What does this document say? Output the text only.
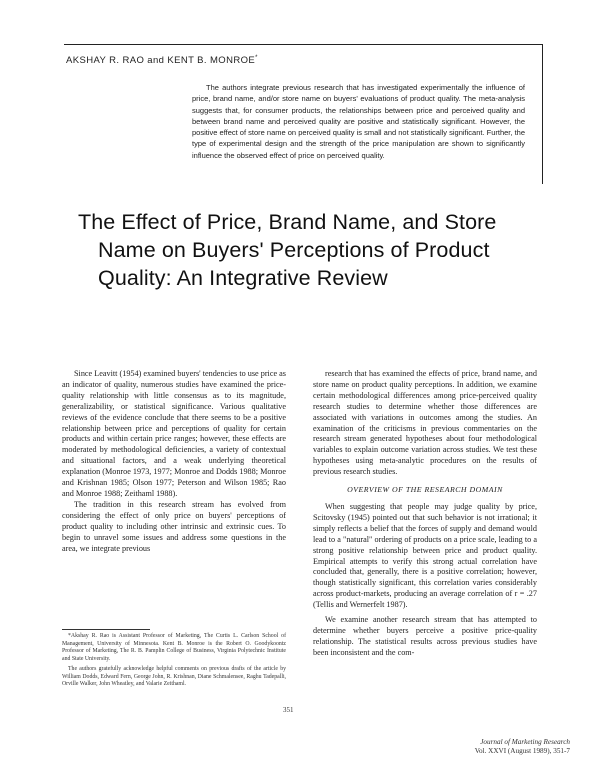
AKSHAY R. RAO and KENT B. MONROE*
The authors integrate previous research that has investigated experimentally the influence of price, brand name, and/or store name on buyers' evaluations of product quality. The meta-analysis suggests that, for consumer products, the relationships between price and perceived quality and between brand name and perceived quality are positive and statistically significant. However, the positive effect of store name on perceived quality is small and not statistically significant. Further, the type of experimental design and the strength of the price manipulation are shown to significantly influence the observed effect of price on perceived quality.
The Effect of Price, Brand Name, and Store
Name on Buyers' Perceptions of Product
Quality: An Integrative Review

Since Leavitt (1954) examined buyers' tendencies to use price as an indicator of quality, numerous studies have examined the price-quality relationship with little consensus as to its magnitude, generalizability, or statistical significance. Various qualitative reviews of the evidence conclude that there seems to be a positive relationship between price and perceptions of quality for certain products and within certain price ranges; however, these effects are moderated by methodological deficiencies, a variety of contextual and situational factors, and a weak underlying theoretical explanation (Monroe 1973, 1977; Monroe and Dodds 1988; Monroe and Krishnan 1985; Olson 1977; Peterson and Wilson 1985; Rao and Monroe 1988; Zeithaml 1988).

The tradition in this research stream has evolved from considering the effect of only price on buyers' perceptions of product quality to including other intrinsic and extrinsic cues. To begin to unravel some issues and address some questions in the area, we integrate previous

research that has examined the effects of price, brand name, and store name on product quality perceptions. In addition, we examine certain methodological differences among price-perceived quality research studies to determine whether those differences are associated with variations in outcomes among the studies. An examination of the criticisms in previous commentaries on the research stream generated hypotheses about four methodological variables to explain outcome variation across studies. We test these hypotheses using meta-analytic procedures on the results of previous research studies.

OVERVIEW OF THE RESEARCH DOMAIN

When suggesting that people may judge quality by price, Scitovsky (1945) pointed out that such behavior is not irrational; it simply reflects a belief that the forces of supply and demand would lead to a "natural" ordering of products on a price scale, leading to a strong positive relationship between price and product quality. Empirical attempts to verify this strong actual correlation have concluded that, generally, there is a positive correlation; however, though statistically significant, this correlation varies considerably across product-markets, producing an average correlation of r = .27 (Tellis and Wernerfelt 1987).

We examine another research stream that has attempted to determine whether buyers perceive a positive price-quality relationship. The statistical results across previous studies have been inconsistent and the com-

*Akshay R. Rao is Assistant Professor of Marketing, The Curtis L. Carlson School of Management, University of Minnesota. Kent B. Monroe is the Robert O. Goodykoontz Professor of Marketing, The R. B. Pamplin College of Business, Virginia Polytechnic Institute and State University.

The authors gratefully acknowledge helpful comments on previous drafts of the article by William Dodds, Edward Fern, George John, R. Krishnan, Diane Schmalensee, Raghu Tadepalli, Orville Walker, John Wheatley, and Valarie Zeithaml.

351
Journal of Marketing Research
Vol. XXVI (August 1989), 351-7
